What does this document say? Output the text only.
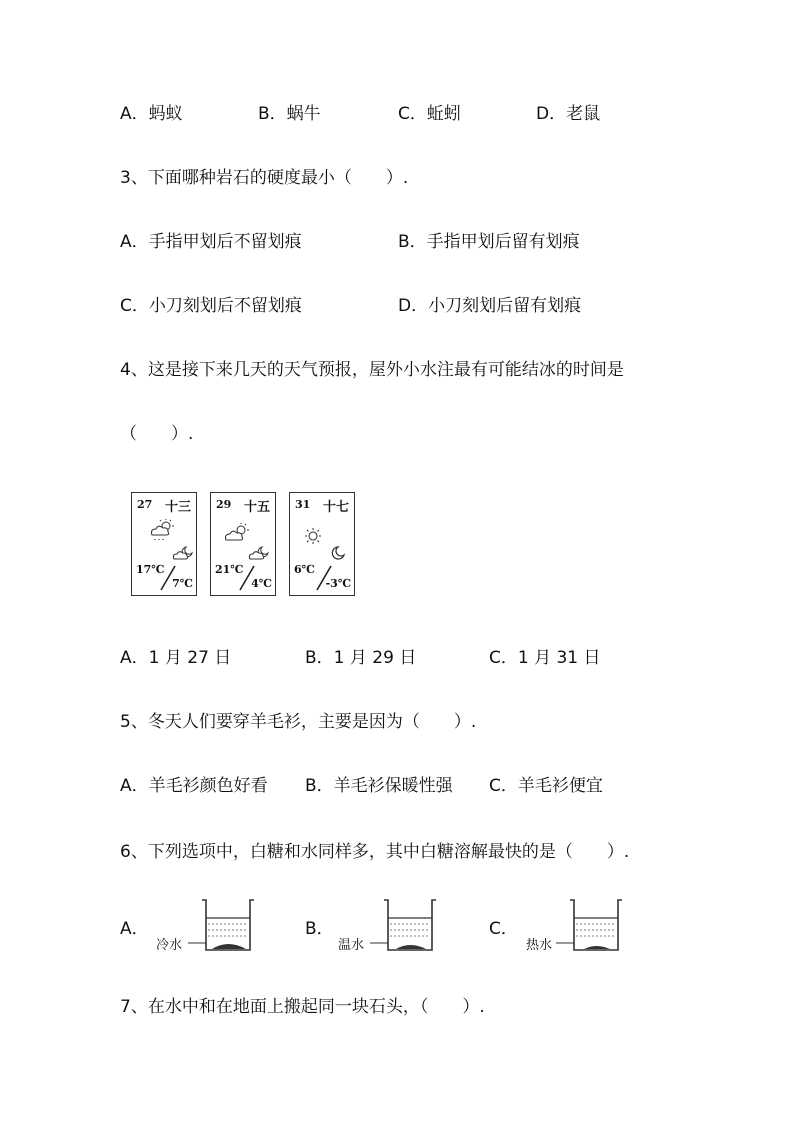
A．蚂蚁	B．蜗牛	C．蚯蚓	D．老鼠
3、下面哪种岩石的硬度最小（　　）.
A．手指甲划后不留划痕	B．手指甲划后留有划痕
C．小刀刻划后不留划痕	D．小刀刻划后留有划痕
4、这是接下来几天的天气预报，屋外小水注最有可能结冰的时间是
（　　）.
27 十三
17℃
7℃
29 十五
21℃
4℃
31 十七
6℃
-3℃
A．1 月 27 日	B．1 月 29 日	C．1 月 31 日
5、冬天人们要穿羊毛衫，主要是因为（　　）.
A．羊毛衫颜色好看 B．羊毛衫保暖性强 C．羊毛衫便宜
6、下列选项中，白糖和水同样多，其中白糖溶解最快的是（　　）.
A．
冷水
B．
温水
C．
热水
7、在水中和在地面上搬起同一块石头，（　　）.
